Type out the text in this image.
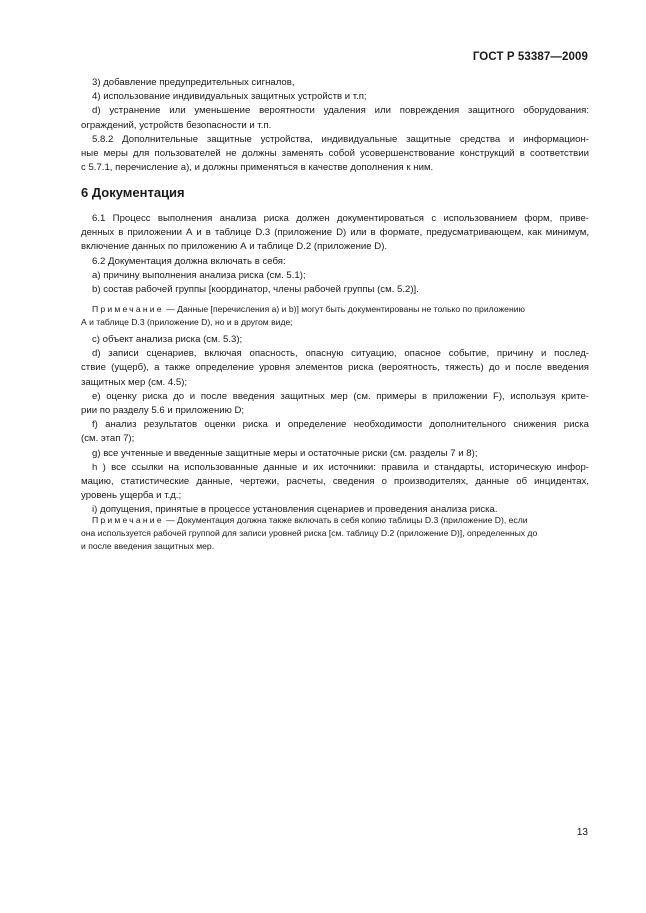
ГОСТ Р 53387—2009
3) добавление предупредительных сигналов,
4) использование индивидуальных защитных устройств и т.п;
d) устранение или уменьшение вероятности удаления или повреждения защитного оборудования:
ограждений, устройств безопасности и т.п.
5.8.2 Дополнительные защитные устройства, индивидуальные защитные средства и информацион-
ные меры для пользователей не должны заменять собой усовершенствование конструкций в соответствии
с 5.7.1, перечисление а), и должны применяться в качестве дополнения к ним.
6 Документация
6.1 Процесс выполнения анализа риска должен документироваться с использованием форм, приве-
денных в приложении А и в таблице D.3 (приложение D) или в формате, предусматривающем, как минимум,
включение данных по приложению А и таблице D.2 (приложение D).
6.2 Документация должна включать в себя:
a) причину выполнения анализа риска (см. 5.1);
b) состав рабочей группы [координатор, члены рабочей группы (см. 5.2)].
Примечание — Данные [перечисления а) и b)] могут быть документированы не только по приложению
А и таблице D.3 (приложение D), но и в другом виде;
c) объект анализа риска (см. 5.3);
d) записи сценариев, включая опасность, опасную ситуацию, опасное событие, причину и послед-
ствие (ущерб), а также определение уровня элементов риска (вероятность, тяжесть) до и после введения
защитных мер (см. 4.5);
e) оценку риска до и после введения защитных мер (см. примеры в приложении F), используя крите-
рии по разделу 5.6 и приложению D;
f) анализ результатов оценки риска и определение необходимости дополнительного снижения риска
(см. этап 7);
g) все учтенные и введенные защитные меры и остаточные риски (см. разделы 7 и 8);
h ) все ссылки на использованные данные и их источники: правила и стандарты, историческую инфор-
мацию, статистические данные, чертежи, расчеты, сведения о производителях, данные об инцидентах,
уровень ущерба и т.д.;
i) допущения, принятые в процессе установления сценариев и проведения анализа риска.
Примечание — Документация должна также включать в себя копию таблицы D.3 (приложение D), если
она используется рабочей группой для записи уровней риска [см. таблицу D.2 (приложение D)], определенных до
и после введения защитных мер.
13
